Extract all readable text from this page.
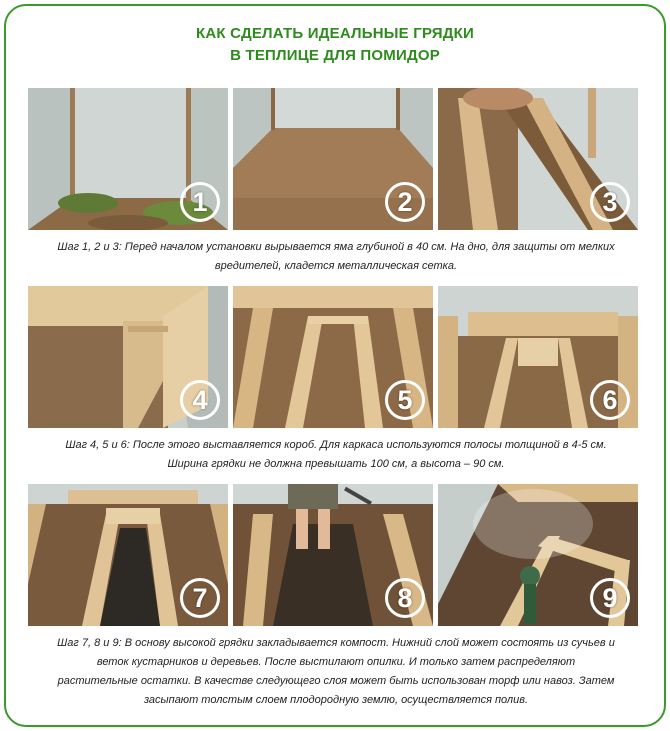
КАК СДЕЛАТЬ ИДЕАЛЬНЫЕ ГРЯДКИ
В ТЕПЛИЦЕ ДЛЯ ПОМИДОР
1	2	3
Шаг 1, 2 и 3: Перед началом установки вырывается яма глубиной в 40 см. На дно, для защиты от мелких
вредителей, кладется металлическая сетка.
4	5	6
Шаг 4, 5 и 6: После этого выставляется короб. Для каркаса используются полосы толщиной в 4-5 см.
Ширина грядки не должна превышать 100 см, а высота – 90 см.
7	8	9
Шаг 7, 8 и 9: В основу высокой грядки закладывается компост. Нижний слой может состоять из сучьев и
веток кустарников и деревьев. После выстилают опилки. И только затем распределяют
растительные остатки. В качестве следующего слоя может быть использован торф или навоз. Затем
засыпают толстым слоем плодородную землю, осуществляется полив.
